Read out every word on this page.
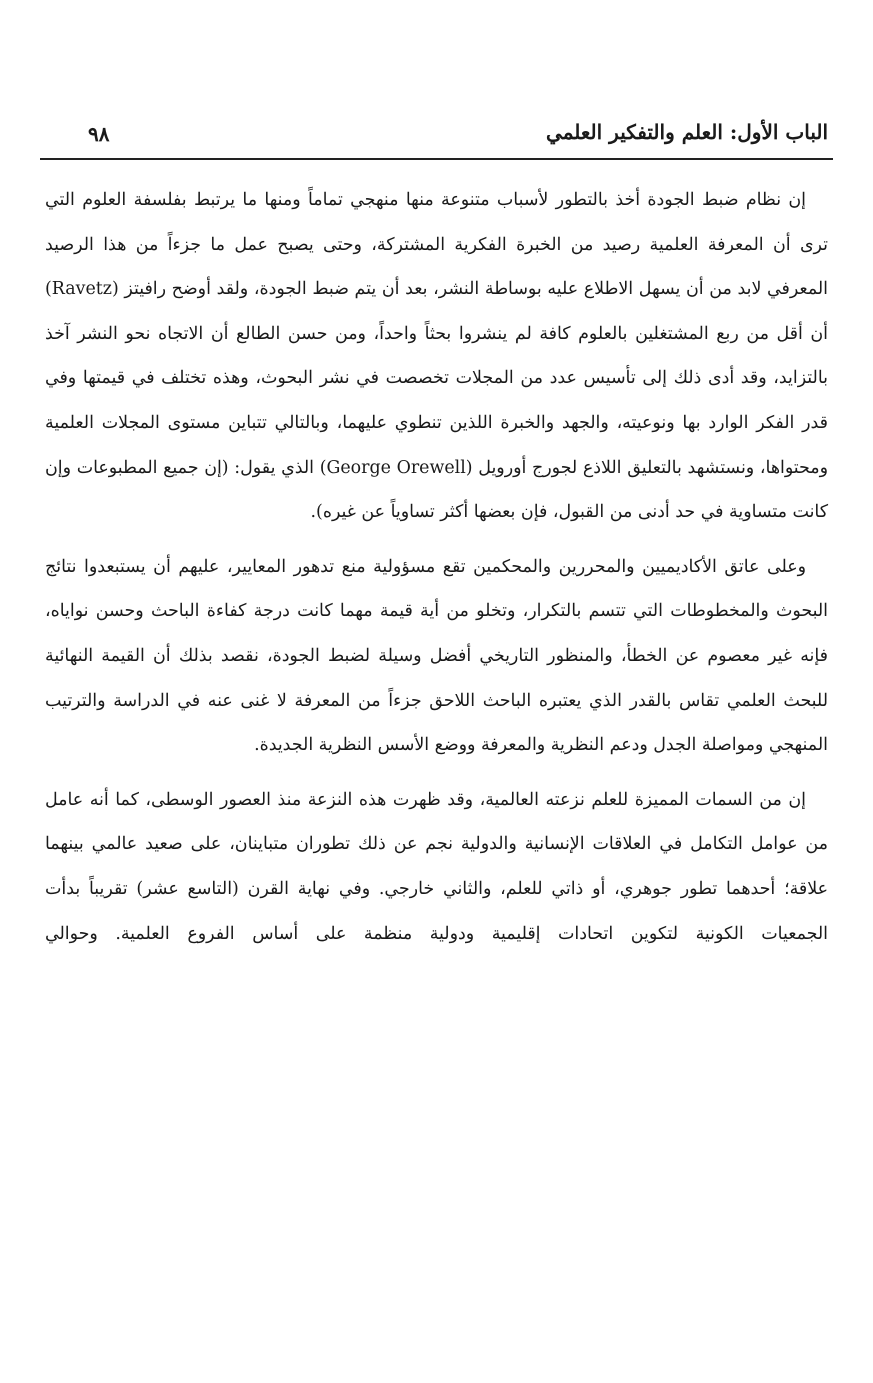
الباب الأول: العلم والتفكير العلمي
٩٨

إن نظام ضبط الجودة أخذ بالتطور لأسباب متنوعة منها منهجي تماماً ومنها ما يرتبط بفلسفة العلوم التي ترى أن المعرفة العلمية رصيد من الخبرة الفكرية المشتركة، وحتى يصبح عمل ما جزءاً من هذا الرصيد المعرفي لابد من أن يسهل الاطلاع عليه بوساطة النشر، بعد أن يتم ضبط الجودة، ولقد أوضح رافيتز (Ravetz) أن أقل من ربع المشتغلين بالعلوم كافة لم ينشروا بحثاً واحداً، ومن حسن الطالع أن الاتجاه نحو النشر آخذ بالتزايد، وقد أدى ذلك إلى تأسيس عدد من المجلات تخصصت في نشر البحوث، وهذه تختلف في قيمتها وفي قدر الفكر الوارد بها ونوعيته، والجهد والخبرة اللذين تنطوي عليهما، وبالتالي تتباين مستوى المجلات العلمية ومحتواها، ونستشهد بالتعليق اللاذع لجورج أورويل (George Orewell) الذي يقول: (إن جميع المطبوعات وإن كانت متساوية في حد أدنى من القبول، فإن بعضها أكثر تساوياً عن غيره).

وعلى عاتق الأكاديميين والمحررين والمحكمين تقع مسؤولية منع تدهور المعايير، عليهم أن يستبعدوا نتائج البحوث والمخطوطات التي تتسم بالتكرار، وتخلو من أية قيمة مهما كانت درجة كفاءة الباحث وحسن نواياه، فإنه غير معصوم عن الخطأ، والمنظور التاريخي أفضل وسيلة لضبط الجودة، نقصد بذلك أن القيمة النهائية للبحث العلمي تقاس بالقدر الذي يعتبره الباحث اللاحق جزءاً من المعرفة لا غنى عنه في الدراسة والترتيب المنهجي ومواصلة الجدل ودعم النظرية والمعرفة ووضع الأسس النظرية الجديدة.

إن من السمات المميزة للعلم نزعته العالمية، وقد ظهرت هذه النزعة منذ العصور الوسطى، كما أنه عامل من عوامل التكامل في العلاقات الإنسانية والدولية نجم عن ذلك تطوران متباينان، على صعيد عالمي بينهما علاقة؛ أحدهما تطور جوهري، أو ذاتي للعلم، والثاني خارجي. وفي نهاية القرن (التاسع عشر) تقريباً بدأت الجمعيات الكونية لتكوين اتحادات إقليمية ودولية منظمة على أساس الفروع العلمية. وحوالي
